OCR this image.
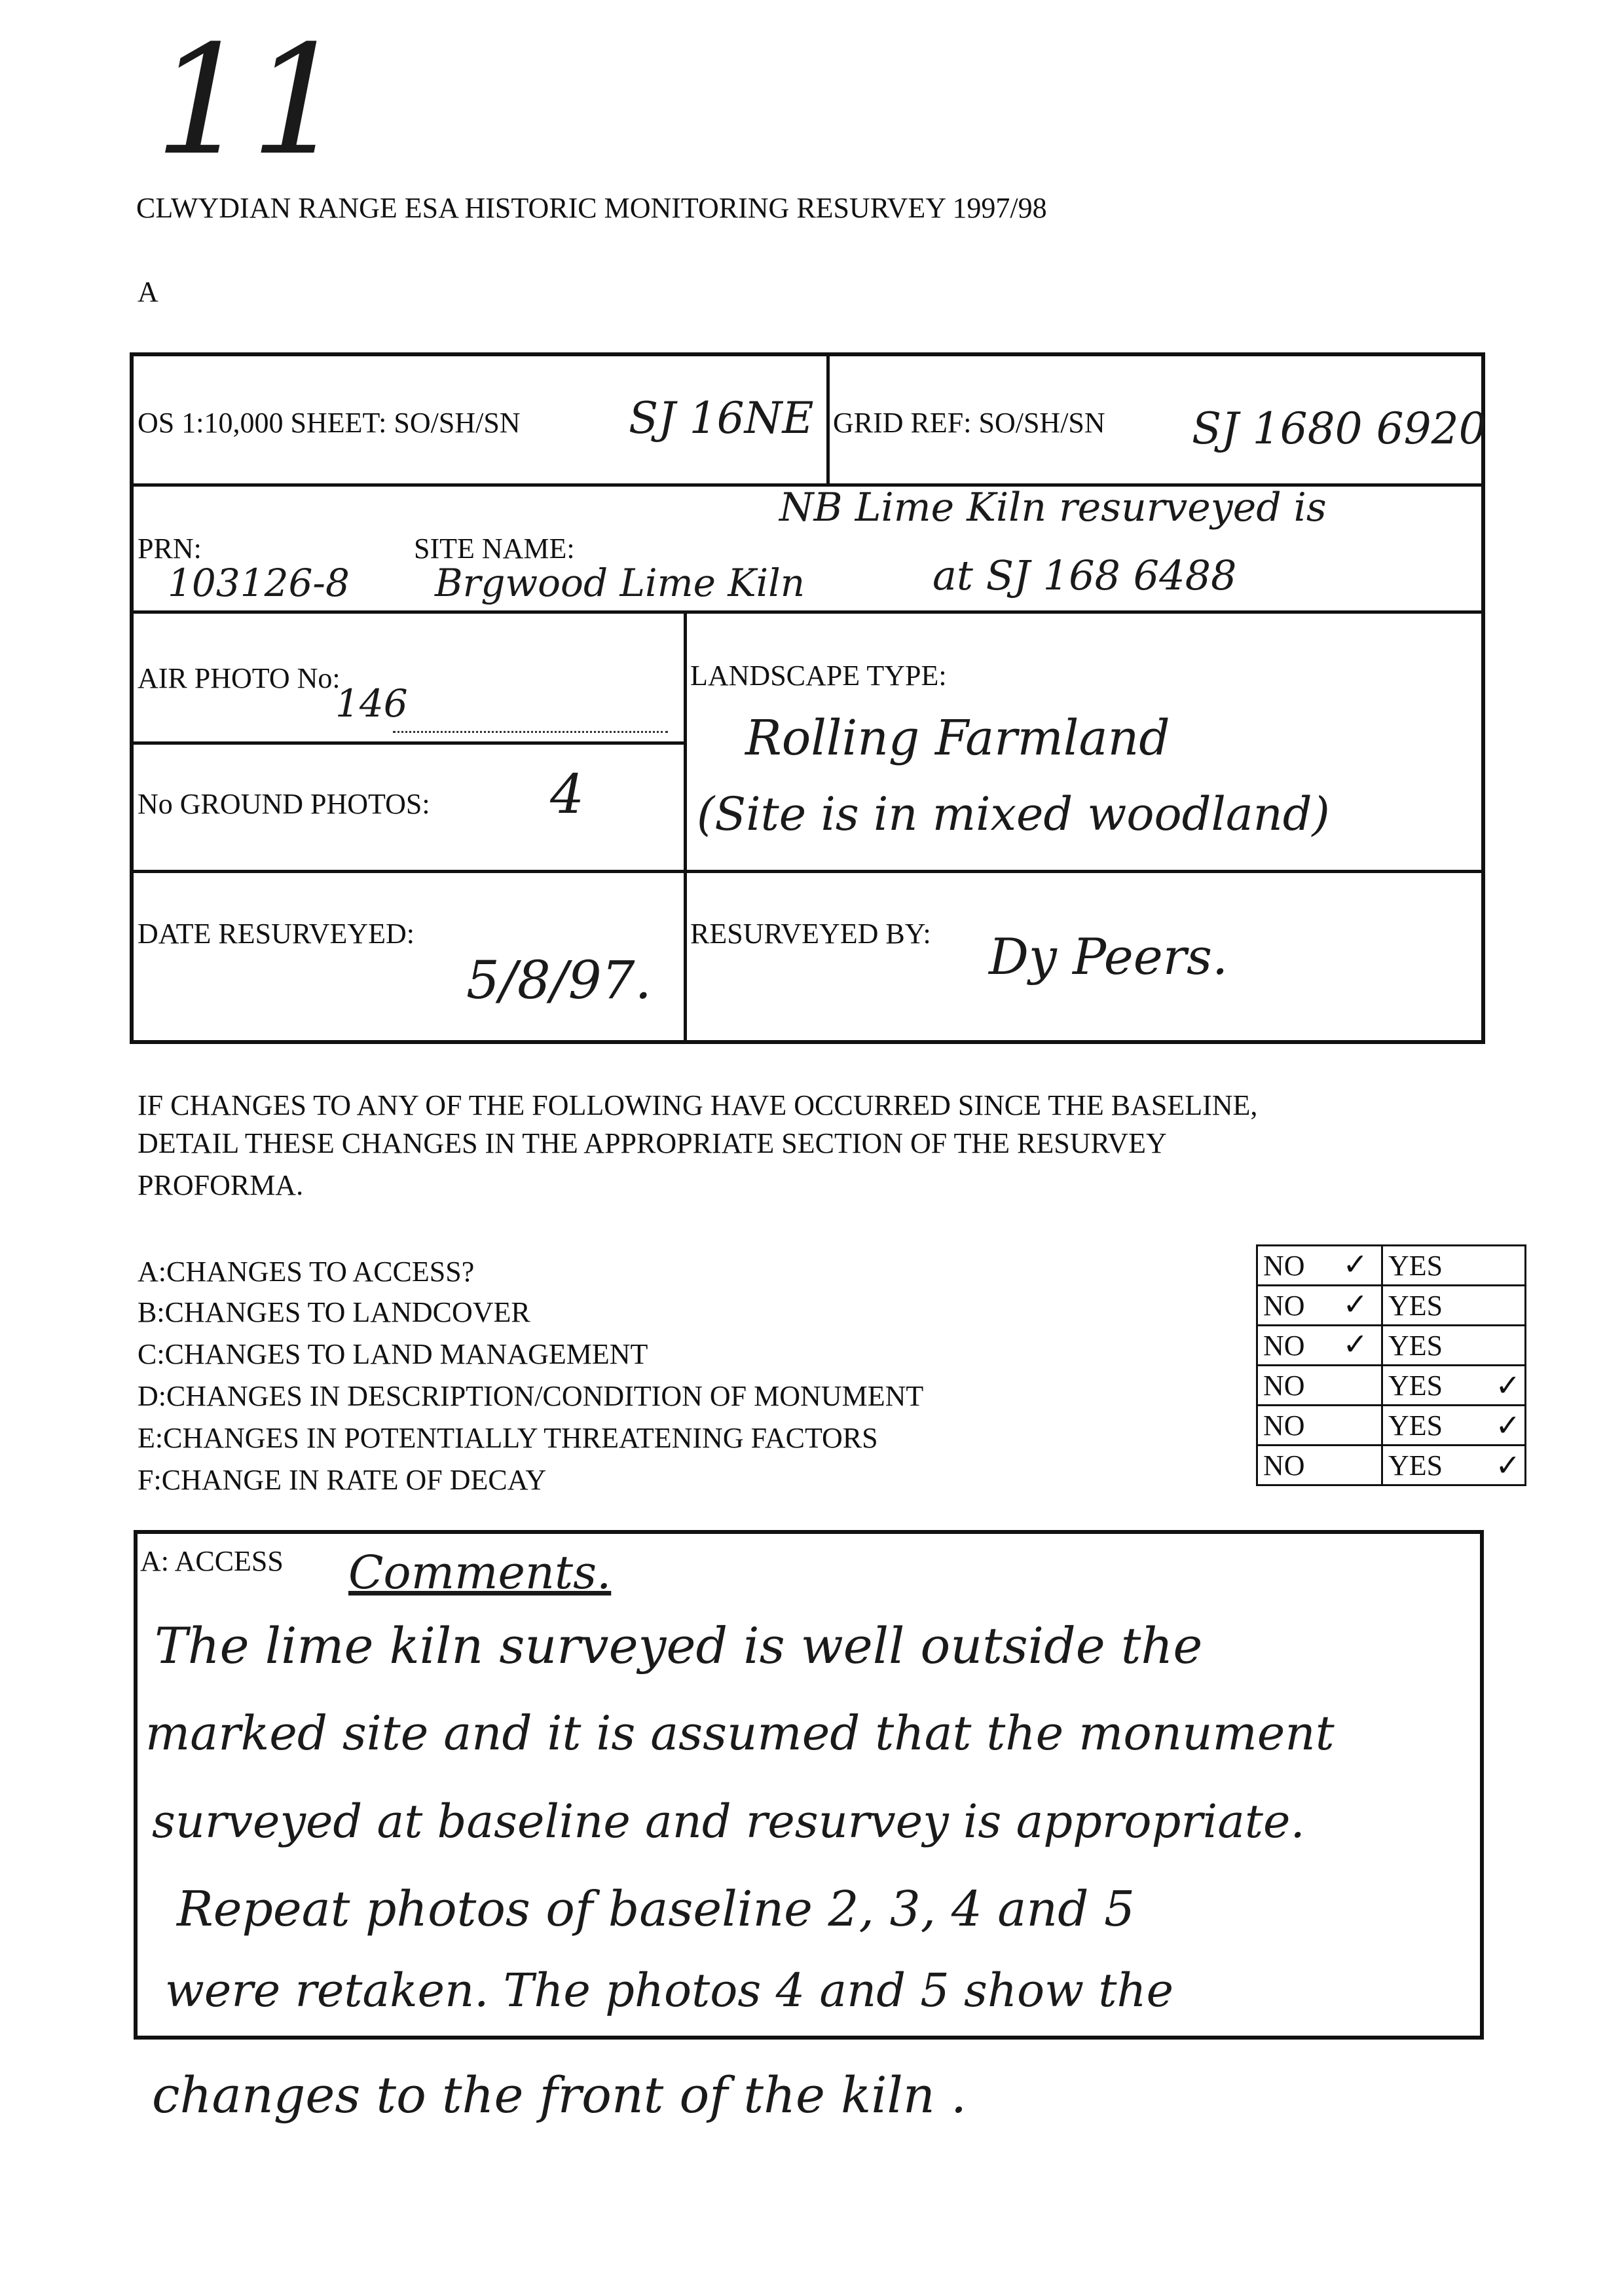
11
CLWYDIAN RANGE ESA HISTORIC MONITORING RESURVEY 1997/98
A
OS 1:10,000 SHEET: SO/SH/SN	SJ 16NE GRID REF: SO/SH/SN SJ 1680 6920
NB Lime Kiln resurveyed is
PRN:	SITE NAME:
103126-8 Brgwood Lime Kiln	at SJ 168 6488
AIR PHOTO No:
146
LANDSCAPE TYPE:
Rolling Farmland
(Site is in mixed woodland)
No GROUND PHOTOS: 4
DATE RESURVEYED:
5/8/97.
RESURVEYED BY: Dy Peers.
IF CHANGES TO ANY OF THE FOLLOWING HAVE OCCURRED SINCE THE BASELINE,
DETAIL THESE CHANGES IN THE APPROPRIATE SECTION OF THE RESURVEY
PROFORMA.
A:CHANGES TO ACCESS?
B:CHANGES TO LANDCOVER
C:CHANGES TO LAND MANAGEMENT
D:CHANGES IN DESCRIPTION/CONDITION OF MONUMENT
E:CHANGES IN POTENTIALLY THREATENING FACTORS
F:CHANGE IN RATE OF DECAY
NO ✓	YES
NO ✓	YES
NO ✓	YES
NO	YES ✓

NO	YES ✓

NO	YES ✓
A: ACCESS Comments.
The lime kiln surveyed is well outside the
marked site and it is assumed that the monument
surveyed at baseline and resurvey is appropriate.
Repeat photos of baseline 2, 3, 4 and 5
were retaken. The photos 4 and 5 show the
changes to the front of the kiln .
